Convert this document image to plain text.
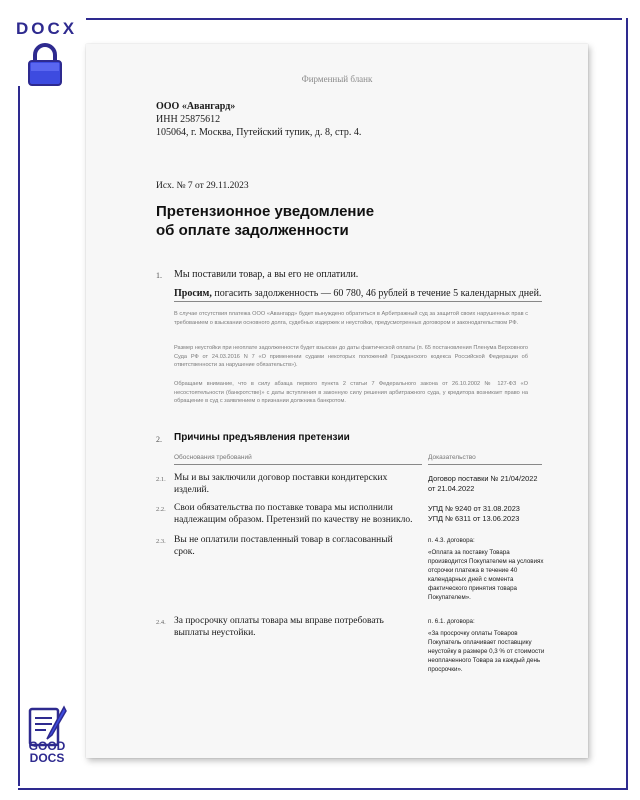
DOCX
GOOD
DOCS
Фирменный бланк
ООО «Авангард»
ИНН 25875612
105064, г. Москва, Путейский тупик, д. 8, стр. 4.
Исх. № 7 от 29.11.2023
Претензионное уведомление
об оплате задолженности
1. Мы поставили товар, а вы его не оплатили.
Просим, погасить задолженность — 60 780, 46 рублей в течение 5 календарных дней.
В случае отсутствия платежа ООО «Авангард» будет вынуждено обратиться в Арбитражный суд за защитой своих нарушенных прав с требованием о взыскании основного долга, судебных издержек и неустойки, предусмотренных договором и законодательством РФ.
Размер неустойки при неоплате задолженности будет взыскан до даты фактической оплаты (п. 65 постановления Пленума Верховного Суда РФ от 24.03.2016 N 7 «О применении судами некоторых положений Гражданского кодекса Российской Федерации об ответственности за нарушение обязательств»).
Обращаем внимание, что в силу абзаца первого пункта 2 статьи 7 Федерального закона от 26.10.2002 № 127-ФЗ «О несостоятельности (банкротстве)» с даты вступления в законную силу решения арбитражного суда, у кредитора возникает право на обращение в суд с заявлением о признании должника банкротом.
2. Причины предъявления претензии
Обоснования требований	Доказательство
2.1. Мы и вы заключили договор поставки кондитерских изделий.
Договор поставки № 21/04/2022 от 21.04.2022
2.2. Свои обязательства по поставке товара мы исполнили надлежащим образом. Претензий по качеству не возникло.
УПД № 9240 от 31.08.2023
УПД № 6311 от 13.06.2023
2.3. Вы не оплатили поставленный товар в согласованный срок.
п. 4.3. договора:
«Оплата за поставку Товара производится Покупателем на условиях отсрочки платежа в течение 40 календарных дней с момента фактического принятия товара Покупателем».
2.4. За просрочку оплаты товара мы вправе потребовать выплаты неустойки.
п. 6.1. договора:
«За просрочку оплаты Товаров Покупатель оплачивает поставщику неустойку в размере 0,3 % от стоимости неоплаченного Товара за каждый день просрочки».
